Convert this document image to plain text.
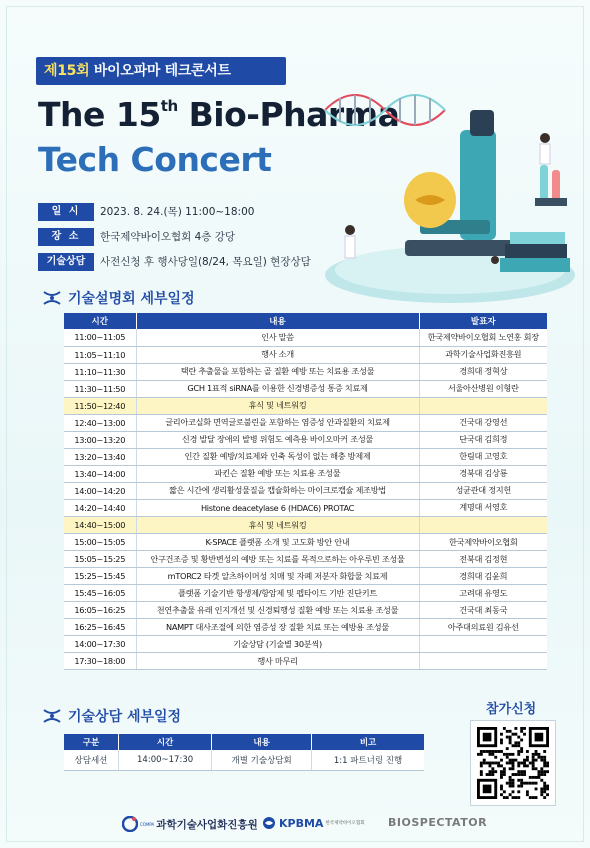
제15회 바이오파마 테크콘서트
The 15th Bio-Pharma
Tech Concert
일 시	2023. 8. 24.(목) 11:00~18:00
장 소	한국제약바이오협회 4층 강당
기술상담	사전신청 후 행사당일(8/24, 목요일) 현장상담
기술설명회 세부일정
시간	내용	발표자
11:00~11:05	인사 말씀	한국제약바이오협회 노연홍 회장
11:05~11:10	행사 소개	과학기술사업화진흥원
11:10~11:30	택란 추출물을 포함하는 골 질환 예방 또는 치료용 조성물	경희대 정혁상
11:30~11:50	GCH 1표적 siRNA를 이용한 신경병증성 통증 치료제	서울아산병원 이형란
11:50~12:40	휴식 및 네트워킹	
12:40~13:00	글리아코실화 면역글로불린을 포함하는 염증성 안과질환의 치료제	건국대 강영선
13:00~13:20	신경 발달 장애의 발병 위험도 예측용 바이오마커 조성물	단국대 김희정
13:20~13:40	인간 질환 예방/치료제와 인축 독성이 없는 해충 방제제	한림대 고영호
13:40~14:00	파킨슨 질환 예방 또는 치료용 조성물	경북대 김상룡
14:00~14:20	짧은 시간에 생리활성물질을 캡슐화하는 마이크로캡슐 제조방법	성균관대 정지헌
14:20~14:40	Histone deacetylase 6 (HDAC6) PROTAC	계명대 서영호
14:40~15:00	휴식 및 네트워킹	
15:00~15:05	K-SPACE 플랫폼 소개 및 고도화 방안 안내	한국제약바이오협회
15:05~15:25	안구건조증 및 황반변성의 예방 또는 치료를 목적으로하는 아우루빈 조성물	전북대 김정현
15:25~15:45	mTORC2 타겟 알츠하이머성 치매 및 자폐 저분자 화합물 치료제	경희대 김윤희
15:45~16:05	플랫폼 기술기반 항생제/항암제 및 펩타이드 기반 진단키트	고려대 유영도
16:05~16:25	천연추출물 유래 인지개선 및 신경퇴행성 질환 예방 또는 치료용 조성물	건국대 최동국
16:25~16:45	NAMPT 대사조절에 의한 염증성 장 질환 치료 또는 예방용 조성물	아주대의료원 김유선
14:00~17:30	기술상담 (기술별 30분씩)	
17:30~18:00	행사 마무리	
기술상담 세부일정
구분	시간	내용	비고
상담세션	14:00~17:30	개별 기술상담회	1:1 파트너링 진행
참가신청
COMPA 과학기술사업화진흥원 KPBMA 한국제약바이오협회 BIOSPECTATOR
